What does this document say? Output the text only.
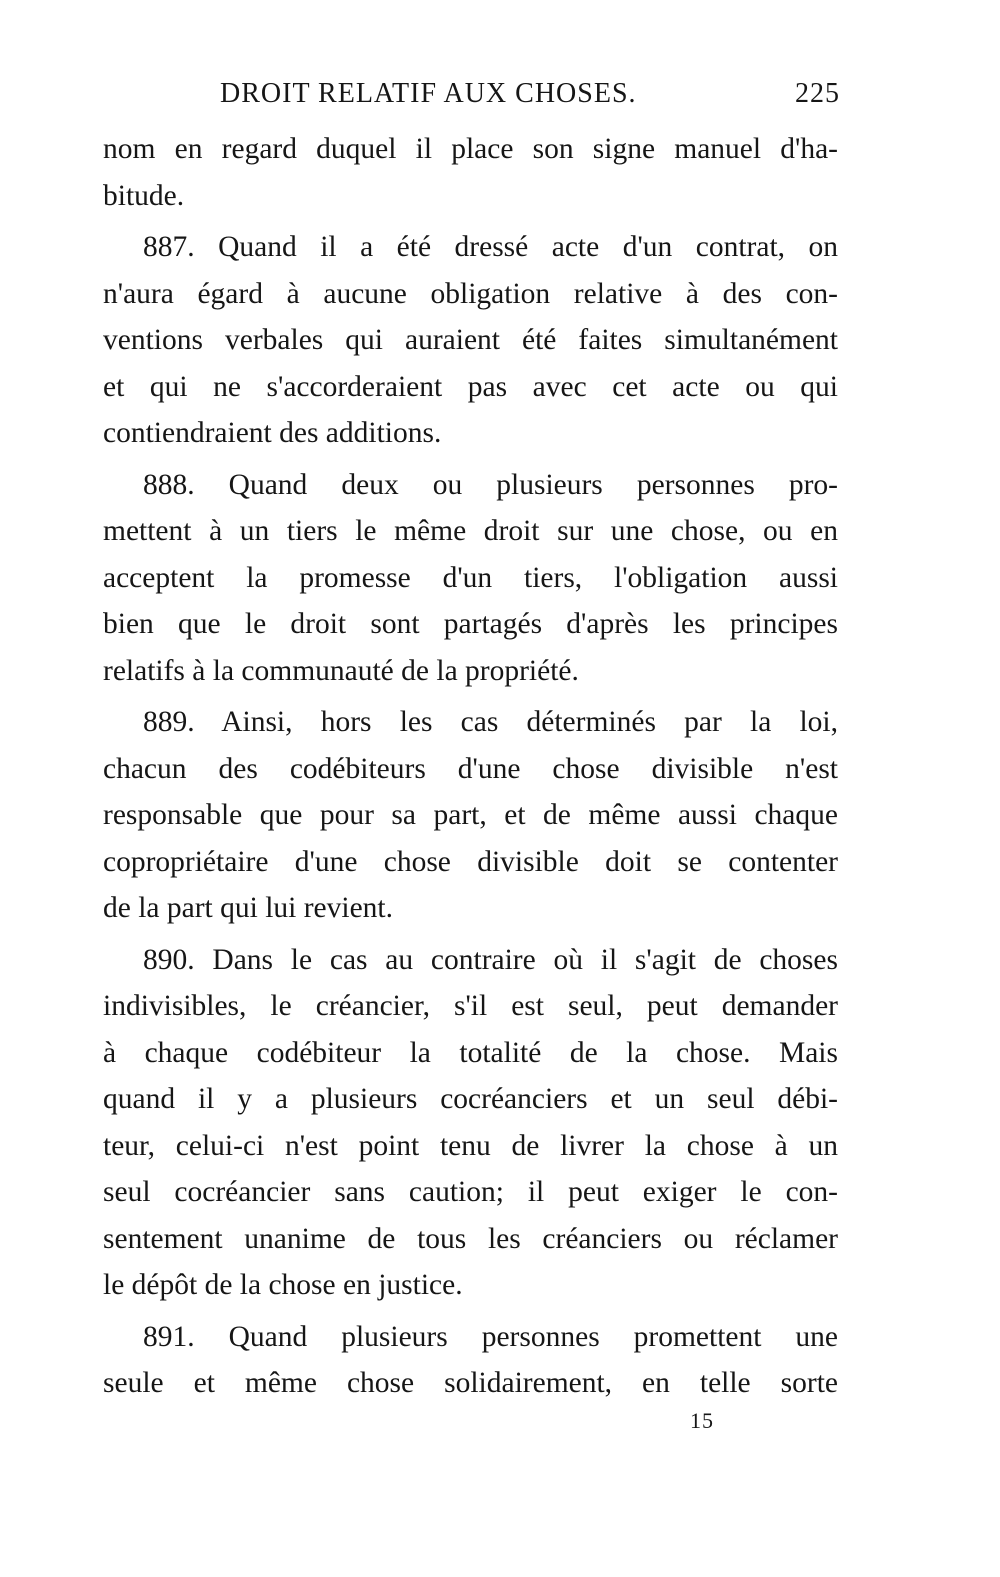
DROIT RELATIF AUX CHOSES.	225
nom en regard duquel il place son signe manuel d'ha-
bitude.
887. Quand il a été dressé acte d'un contrat, on
n'aura égard à aucune obligation relative à des con-
ventions verbales qui auraient été faites simultanément
et qui ne s'accorderaient pas avec cet acte ou qui
contiendraient des additions.
888. Quand deux ou plusieurs personnes pro-
mettent à un tiers le même droit sur une chose, ou en
acceptent la promesse d'un tiers, l'obligation aussi
bien que le droit sont partagés d'après les principes
relatifs à la communauté de la propriété.
889. Ainsi, hors les cas déterminés par la loi,
chacun des codébiteurs d'une chose divisible n'est
responsable que pour sa part, et de même aussi chaque
copropriétaire d'une chose divisible doit se contenter
de la part qui lui revient.
890. Dans le cas au contraire où il s'agit de choses
indivisibles, le créancier, s'il est seul, peut demander
à chaque codébiteur la totalité de la chose. Mais
quand il y a plusieurs cocréanciers et un seul débi-
teur, celui-ci n'est point tenu de livrer la chose à un
seul cocréancier sans caution; il peut exiger le con-
sentement unanime de tous les créanciers ou réclamer
le dépôt de la chose en justice.
891. Quand plusieurs personnes promettent une
seule et même chose solidairement, en telle sorte
15
